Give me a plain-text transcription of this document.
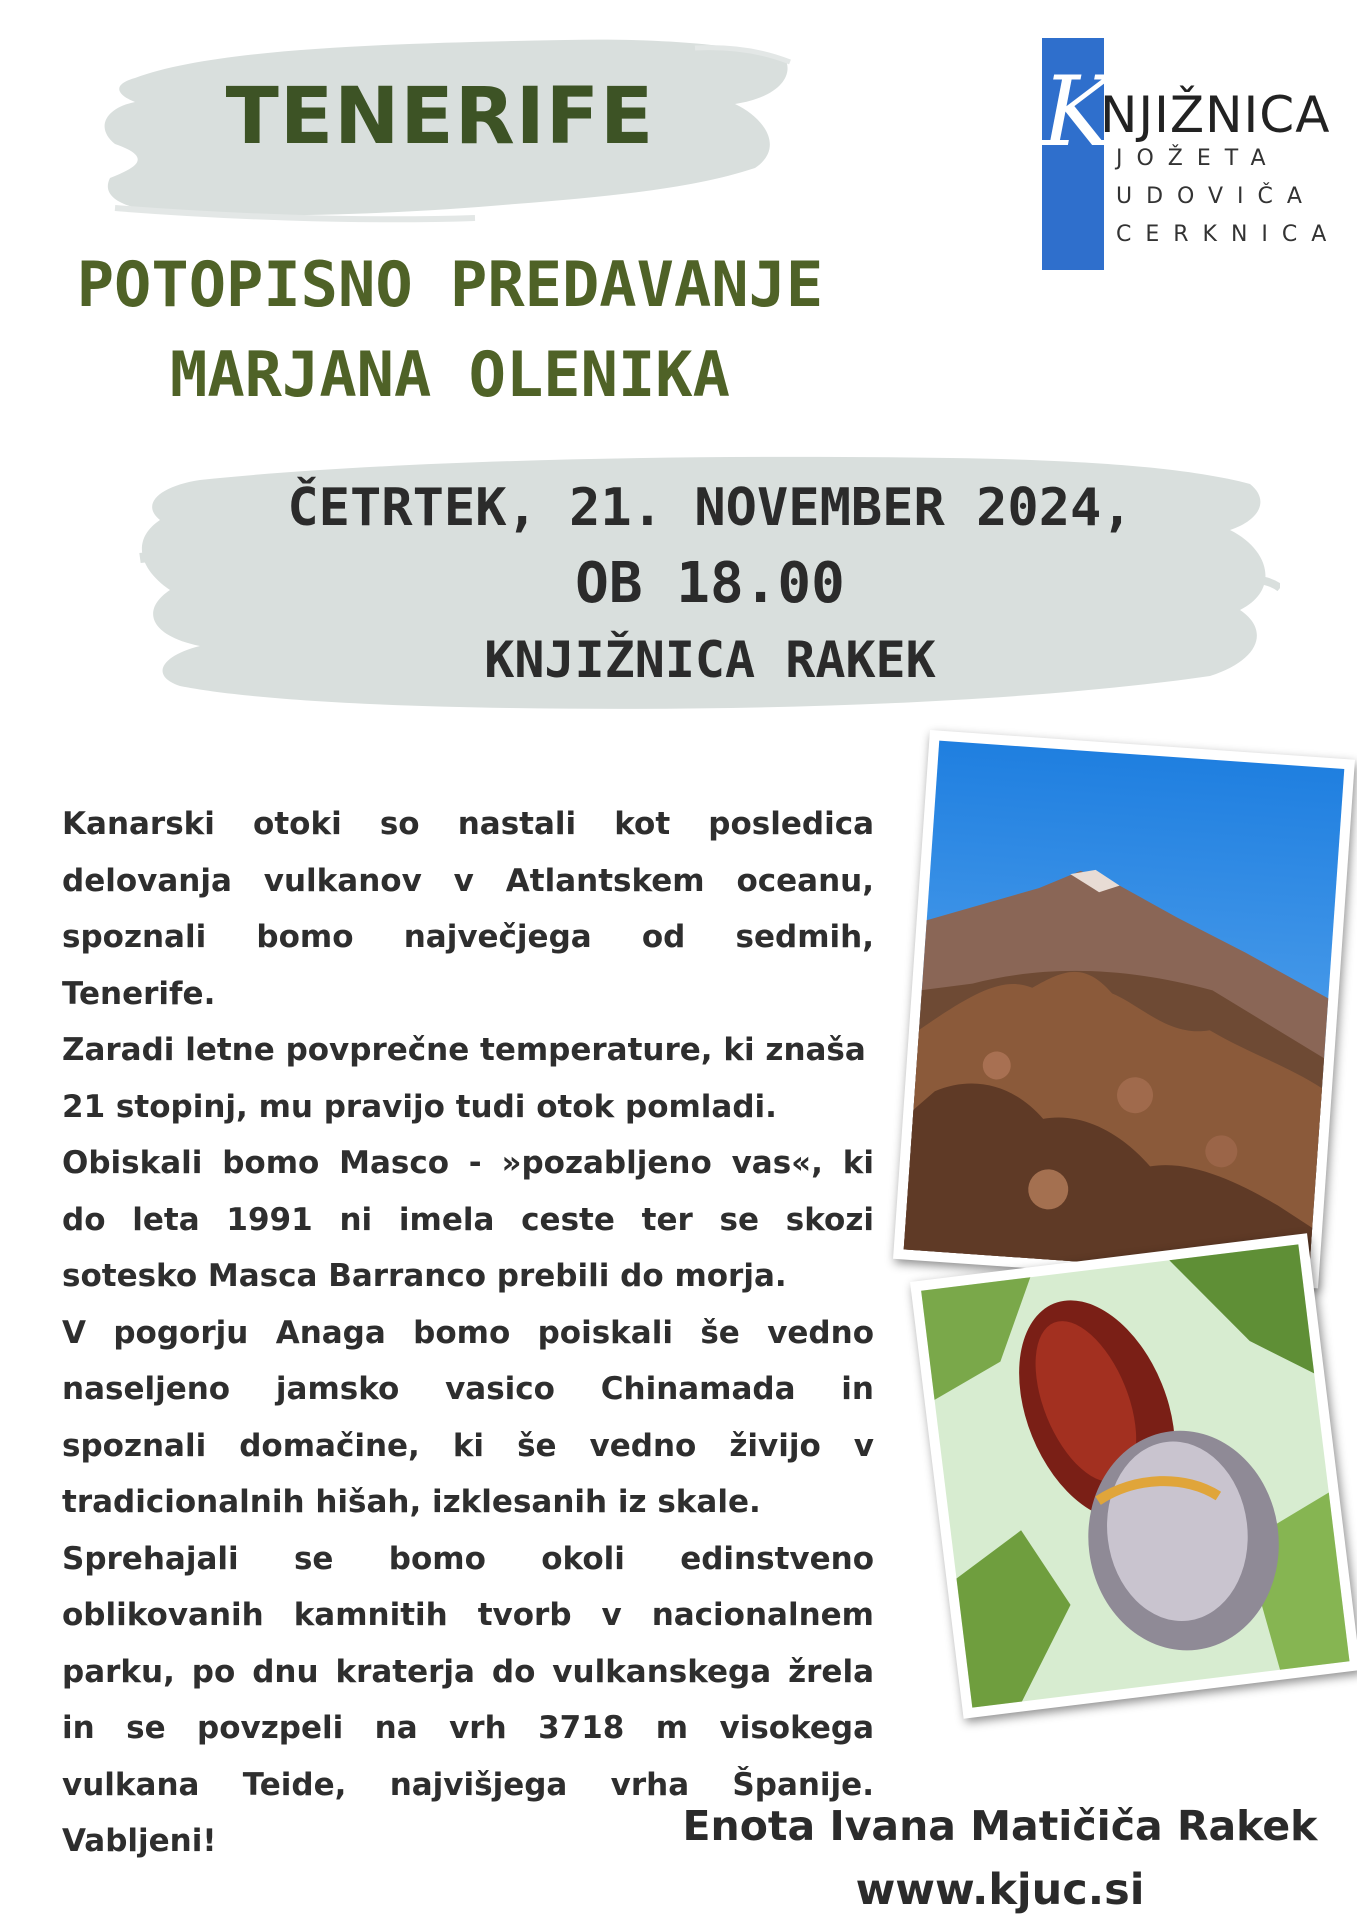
TENERIFE
POTOPISNO PREDAVANJE
MARJANA OLENIKA
ČETRTEK, 21. NOVEMBER 2024,
OB 18.00
KNJIŽNICA RAKEK
K
NJIŽNICA
JOŽETA
UDOVIČA
CERKNICA

Kanarski otoki so nastali kot posledica delovanja vulkanov v Atlantskem oceanu, spoznali bomo največjega od sedmih, Tenerife.

Zaradi letne povprečne temperature, ki znaša

21 stopinj, mu pravijo tudi otok pomladi.

Obiskali bomo Masco - »pozabljeno vas«, ki do leta 1991 ni imela ceste ter se skozi sotesko Masca Barranco prebili do morja.

V pogorju Anaga bomo poiskali še vedno naseljeno jamsko vasico Chinamada in spoznali domačine, ki še vedno živijo v tradicionalnih hišah, izklesanih iz skale.

Sprehajali se bomo okoli edinstveno oblikovanih kamnitih tvorb v nacionalnem parku, po dnu kraterja do vulkanskega žrela in se povzpeli na vrh 3718 m visokega vulkana Teide, najvišjega vrha Španije. Vabljeni!	Enota Ivana Matičiča Rakek
www.kjuc.si
